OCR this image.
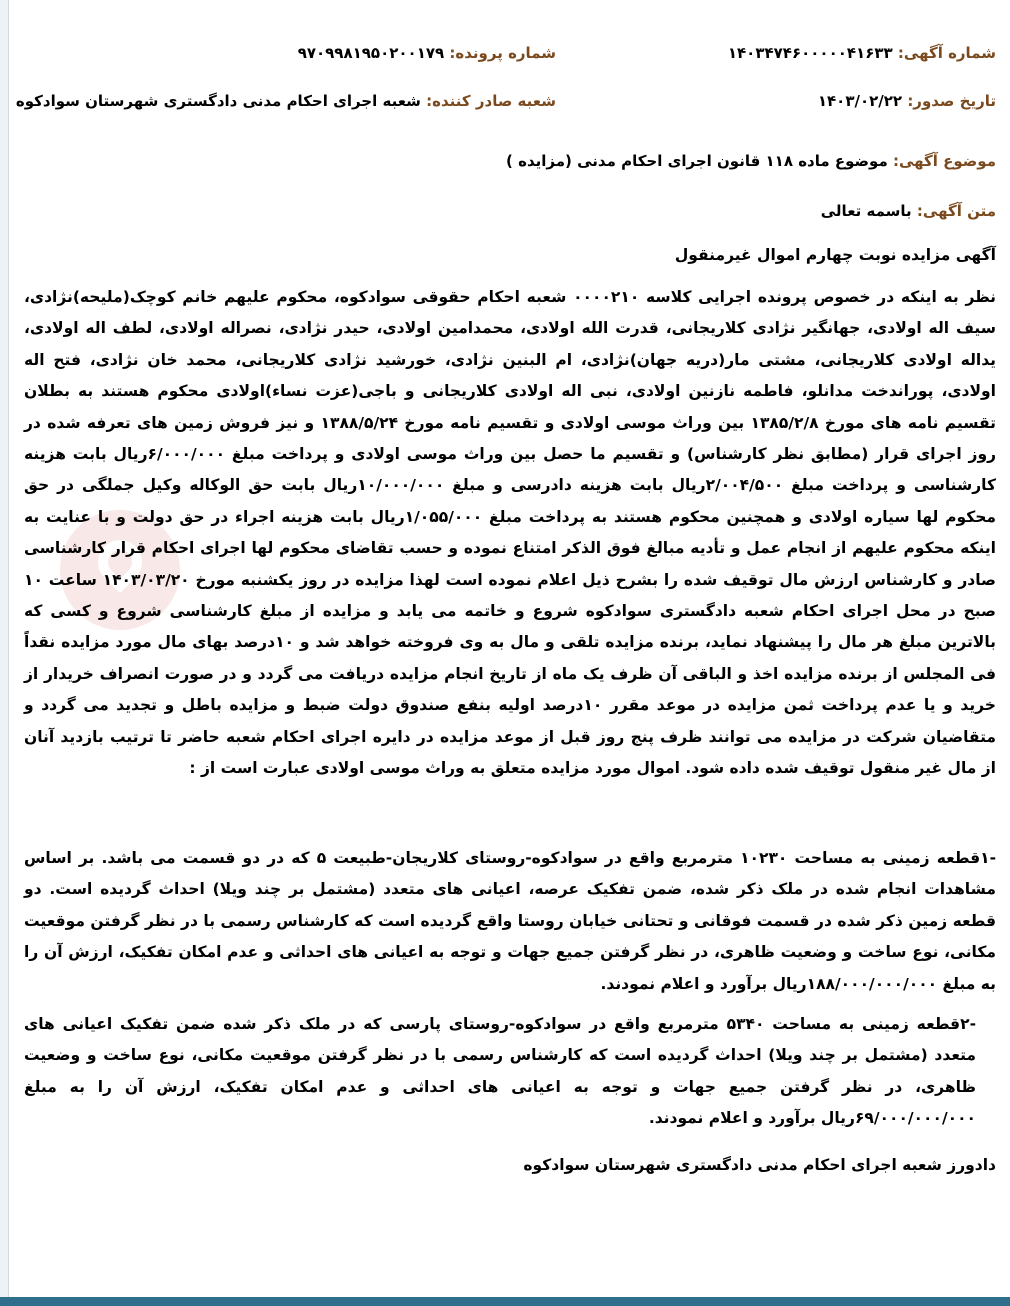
شماره آگهی: ۱۴۰۳۴۷۴۶۰۰۰۰۰۴۱۶۳۳
شماره پرونده: ۹۷۰۹۹۸۱۹۵۰۲۰۰۱۷۹
تاریخ صدور: ۱۴۰۳/۰۲/۲۲
شعبه صادر کننده: شعبه اجرای احکام مدنی دادگستری شهرستان سوادکوه
موضوع آگهی: موضوع ماده ۱۱۸ قانون اجرای احکام مدنی (مزایده )
متن آگهی: باسمه تعالی
آگهی مزایده نوبت چهارم اموال غیرمنقول
نظر به اینکه در خصوص پرونده اجرایی کلاسه ۰۰۰۰۲۱۰ شعبه احکام حقوقی سوادکوه، محکوم علیهم خانم کوچک(ملیحه)نژادی، سیف اله اولادی، جهانگیر نژادی کلاریجانی، قدرت الله اولادی، محمدامین اولادی، حیدر نژادی، نصراله اولادی، لطف اله اولادی، یداله اولادی کلاریجانی، مشتی مار(دریه جهان)نژادی، ام البنین نژادی، خورشید نژادی کلاریجانی، محمد خان نژادی، فتح اله اولادی، پوراندخت مدانلو، فاطمه نازنین اولادی، نبی اله اولادی کلاریجانی و باجی(عزت نساء)اولادی محکوم هستند به بطلان تقسیم نامه های مورخ ۱۳۸۵/۲/۸ بین وراث موسی اولادی و تقسیم نامه مورخ ۱۳۸۸/۵/۲۴ و نیز فروش زمین های تعرفه شده در روز اجرای قرار (مطابق نظر کارشناس) و تقسیم ما حصل بین وراث موسی اولادی و پرداخت مبلغ ۶/۰۰۰/۰۰۰ریال بابت هزینه کارشناسی و پرداخت مبلغ ۲/۰۰۴/۵۰۰ریال بابت هزینه دادرسی و مبلغ ۱۰/۰۰۰/۰۰۰ریال بابت حق الوکاله وکیل جملگی در حق محکوم لها سیاره اولادی و همچنین محکوم هستند به پرداخت مبلغ ۱/۰۵۵/۰۰۰ریال بابت هزینه اجراء در حق دولت و با عنایت به اینکه محکوم علیهم از انجام عمل و تأدیه مبالغ فوق الذکر امتناع نموده و حسب تقاضای محکوم لها اجرای احکام قرار کارشناسی صادر و کارشناس ارزش مال توقیف شده را بشرح ذیل اعلام نموده است لهذا مزایده در روز یکشنبه مورخ ۱۴۰۳/۰۳/۲۰ ساعت ۱۰ صبح در محل اجرای احکام شعبه دادگستری سوادکوه شروع و خاتمه می یابد و مزایده از مبلغ کارشناسی شروع و کسی که بالاترین مبلغ هر مال را پیشنهاد نماید، برنده مزایده تلقی و مال به وی فروخته خواهد شد و ۱۰درصد بهای مال مورد مزایده نقداً فی المجلس از برنده مزایده اخذ و الباقی آن ظرف یک ماه از تاریخ انجام مزایده دریافت می گردد و در صورت انصراف خریدار از خرید و یا عدم پرداخت ثمن مزایده در موعد مقرر ۱۰درصد اولیه بنفع صندوق دولت ضبط و مزایده باطل و تجدید می گردد و متقاضیان شرکت در مزایده می توانند ظرف پنج روز قبل از موعد مزایده در دایره اجرای احکام شعبه حاضر تا ترتیب بازدید آنان از مال غیر منقول توقیف شده داده شود. اموال مورد مزایده متعلق به وراث موسی اولادی عبارت است از :
-۱قطعه زمینی به مساحت ۱۰۲۳۰ مترمربع واقع در سوادکوه-روستای کلاریجان-طبیعت ۵ که در دو قسمت می باشد. بر اساس مشاهدات انجام شده در ملک ذکر شده، ضمن تفکیک عرصه، اعیانی های متعدد (مشتمل بر چند ویلا) احداث گردیده است. دو قطعه زمین ذکر شده در قسمت فوقانی و تحتانی خیابان روستا واقع گردیده است که کارشناس رسمی با در نظر گرفتن موقعیت مکانی، نوع ساخت و وضعیت ظاهری، در نظر گرفتن جمیع جهات و توجه به اعیانی های احداثی و عدم امکان تفکیک، ارزش آن را به مبلغ ۱۸۸/۰۰۰/۰۰۰/۰۰۰ریال برآورد و اعلام نمودند.
-۲قطعه زمینی به مساحت ۵۳۴۰ مترمربع واقع در سوادکوه-روستای پارسی که در ملک ذکر شده ضمن تفکیک اعیانی های متعدد (مشتمل بر چند ویلا) احداث گردیده است که کارشناس رسمی با در نظر گرفتن موقعیت مکانی، نوع ساخت و وضعیت ظاهری، در نظر گرفتن جمیع جهات و توجه به اعیانی های احداثی و عدم امکان تفکیک، ارزش آن را به مبلغ ۶۹/۰۰۰/۰۰۰/۰۰۰ریال برآورد و اعلام نمودند.
دادورز شعبه اجرای احکام مدنی دادگستری شهرستان سوادکوه
